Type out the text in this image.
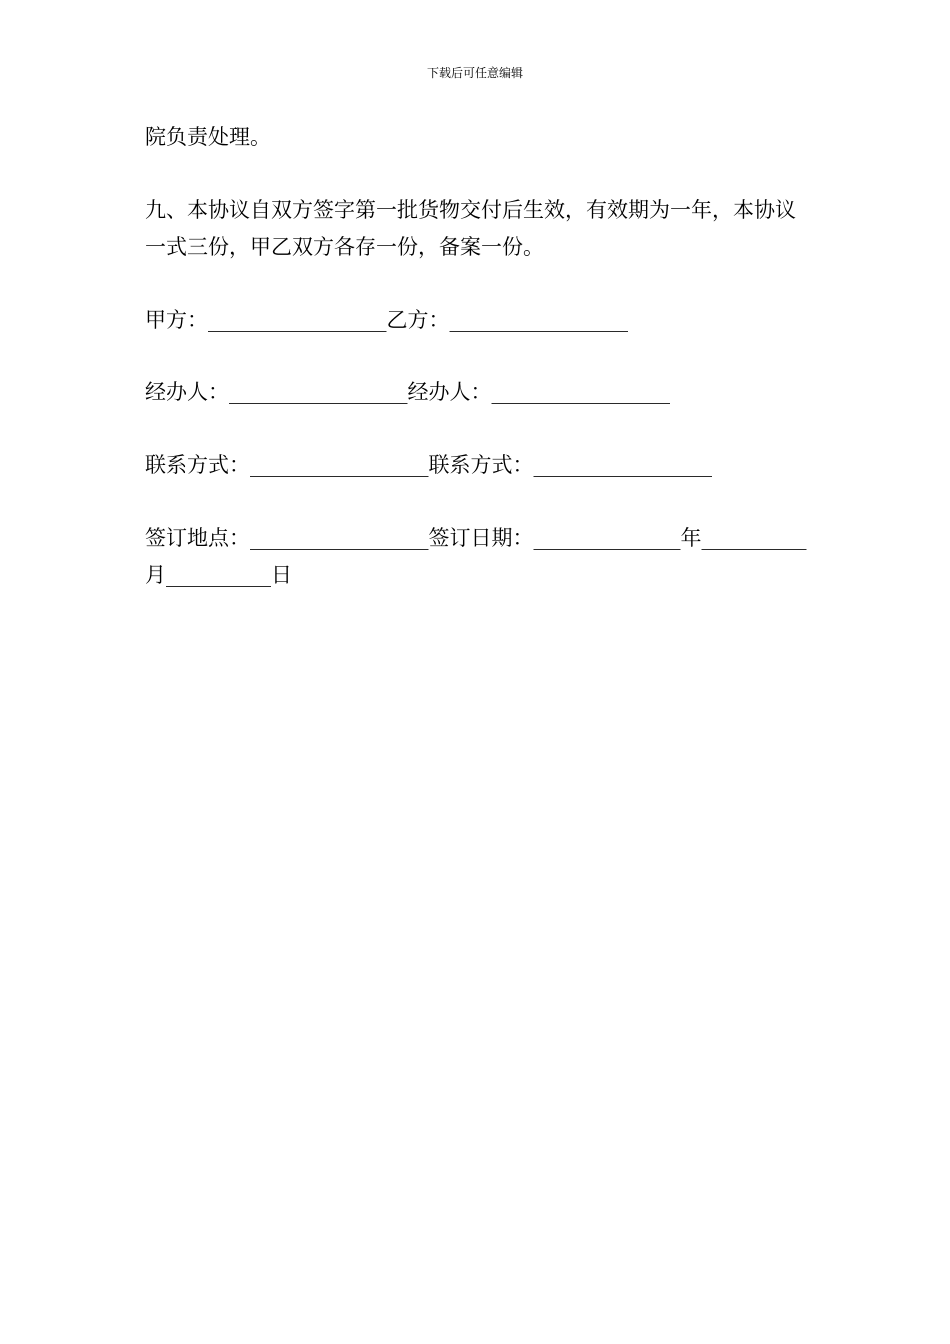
下载后可任意编辑

院负责处理。

九、本协议自双方签字第一批货物交付后生效，有效期为一年，本协议一式三份，甲乙双方各存一份，备案一份。

甲方：_________________乙方：_________________

经办人：_________________经办人：_________________

联系方式：_________________联系方式：_________________

签订地点：_________________签订日期：______________年__________月__________日
